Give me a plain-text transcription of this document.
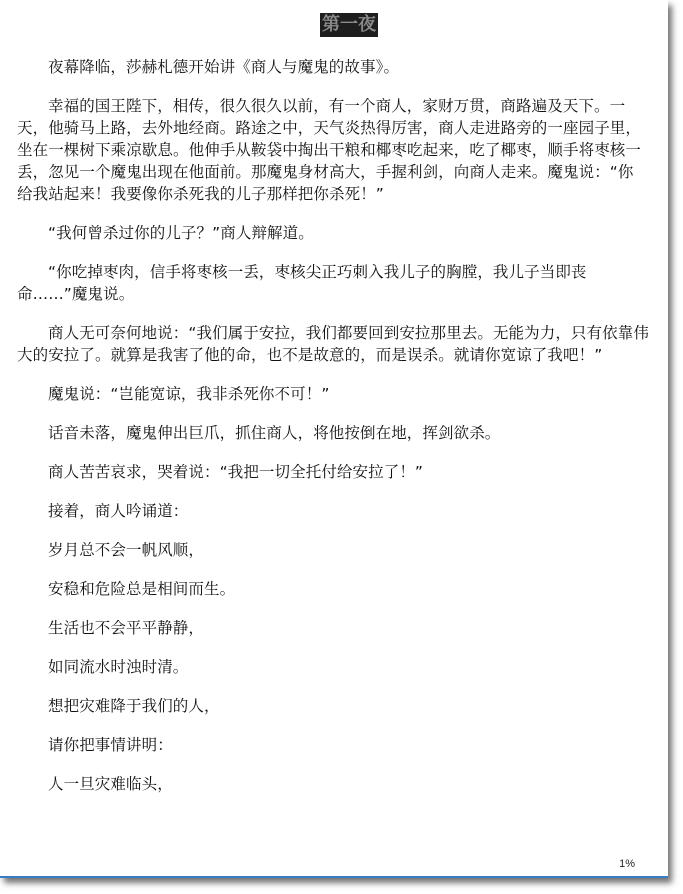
第一夜

夜幕降临，莎赫札德开始讲《商人与魔鬼的故事》。

幸福的国王陛下，相传，很久很久以前，有一个商人，家财万贯，商路遍及天下。一天，他骑马上路，去外地经商。路途之中，天气炎热得厉害，商人走进路旁的一座园子里，坐在一棵树下乘凉歇息。他伸手从鞍袋中掏出干粮和椰枣吃起来，吃了椰枣，顺手将枣核一丢，忽见一个魔鬼出现在他面前。那魔鬼身材高大，手握利剑，向商人走来。魔鬼说：“你给我站起来！我要像你杀死我的儿子那样把你杀死！”

“我何曾杀过你的儿子？”商人辩解道。

“你吃掉枣肉，信手将枣核一丢，枣核尖正巧刺入我儿子的胸膛，我儿子当即丧命……”魔鬼说。

商人无可奈何地说：“我们属于安拉，我们都要回到安拉那里去。无能为力，只有依靠伟大的安拉了。就算是我害了他的命，也不是故意的，而是误杀。就请你宽谅了我吧！”

魔鬼说：“岂能宽谅，我非杀死你不可！”

话音未落，魔鬼伸出巨爪，抓住商人，将他按倒在地，挥剑欲杀。

商人苦苦哀求，哭着说：“我把一切全托付给安拉了！”

接着，商人吟诵道：

岁月总不会一帆风顺，

安稳和危险总是相间而生。

生活也不会平平静静，

如同流水时浊时清。

想把灾难降于我们的人，

请你把事情讲明：

人一旦灾难临头，

1%
